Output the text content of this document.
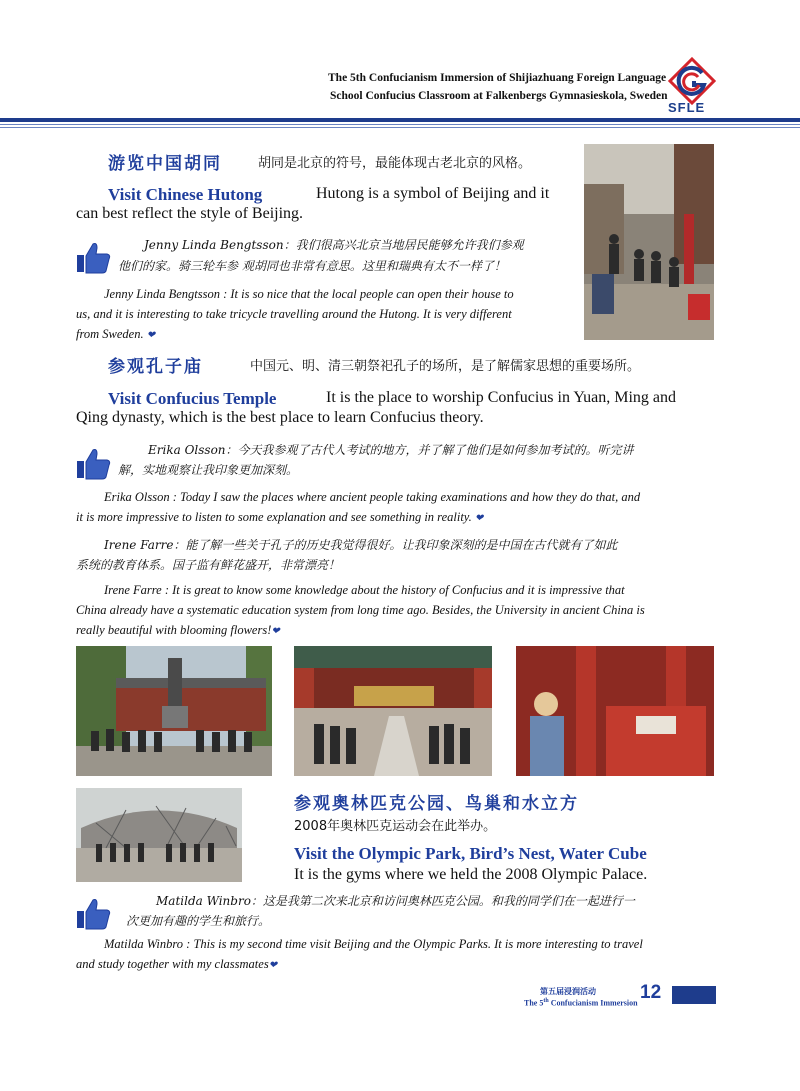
The 5th Confucianism Immersion of Shijiazhuang Foreign Language
School Confucius Classroom at Falkenbergs Gymnasieskola, Sweden
SFLE
游览中国胡同	胡同是北京的符号，最能体现古老北京的风格。
Visit Chinese Hutong	Hutong is a symbol of Beijing and it
can best reflect the style of Beijing.
Jenny Linda Bengtsson：我们很高兴北京当地居民能够允许我们参观
他们的家。骑三轮车参 观胡同也非常有意思。这里和瑞典有太不一样了！
Jenny Linda Bengtsson : It is so nice that the local people can open their house to
us, and it is interesting to take tricycle travelling around the Hutong. It is very different
from Sweden. ❤
参观孔子庙	中国元、明、清三朝祭祀孔子的场所，是了解儒家思想的重要场所。
Visit Confucius Temple	It is the place to worship Confucius in Yuan, Ming and
Qing dynasty, which is the best place to learn Confucius theory.
Erika Olsson：今天我参观了古代人考试的地方，并了解了他们是如何参加考试的。听完讲
解，实地观察让我印象更加深刻。
Erika Olsson : Today I saw the places where ancient people taking examinations and how they do that, and
it is more impressive to listen to some explanation and see something in reality. ❤
Irene Farre：能了解一些关于孔子的历史我觉得很好。让我印象深刻的是中国在古代就有了如此
系统的教育体系。国子监有鲜花盛开，非常漂亮！
Irene Farre : It is great to know some knowledge about the history of Confucius and it is impressive that
China already have a systematic education system from long time ago. Besides, the University in ancient China is
really beautiful with blooming flowers!❤
参观奥林匹克公园、鸟巢和水立方
2008年奥林匹克运动会在此举办。
Visit the Olympic Park, Bird’s Nest, Water Cube
It is the gyms where we held the 2008 Olympic Palace.
Matilda Winbro：这是我第二次来北京和访问奥林匹克公园。和我的同学们在一起进行一
次更加有趣的学生和旅行。
Matilda Winbro : This is my second time visit Beijing and the Olympic Parks. It is more interesting to travel
and study together with my classmates❤
第五届浸润活动
The 5th Confucianism Immersion
12
